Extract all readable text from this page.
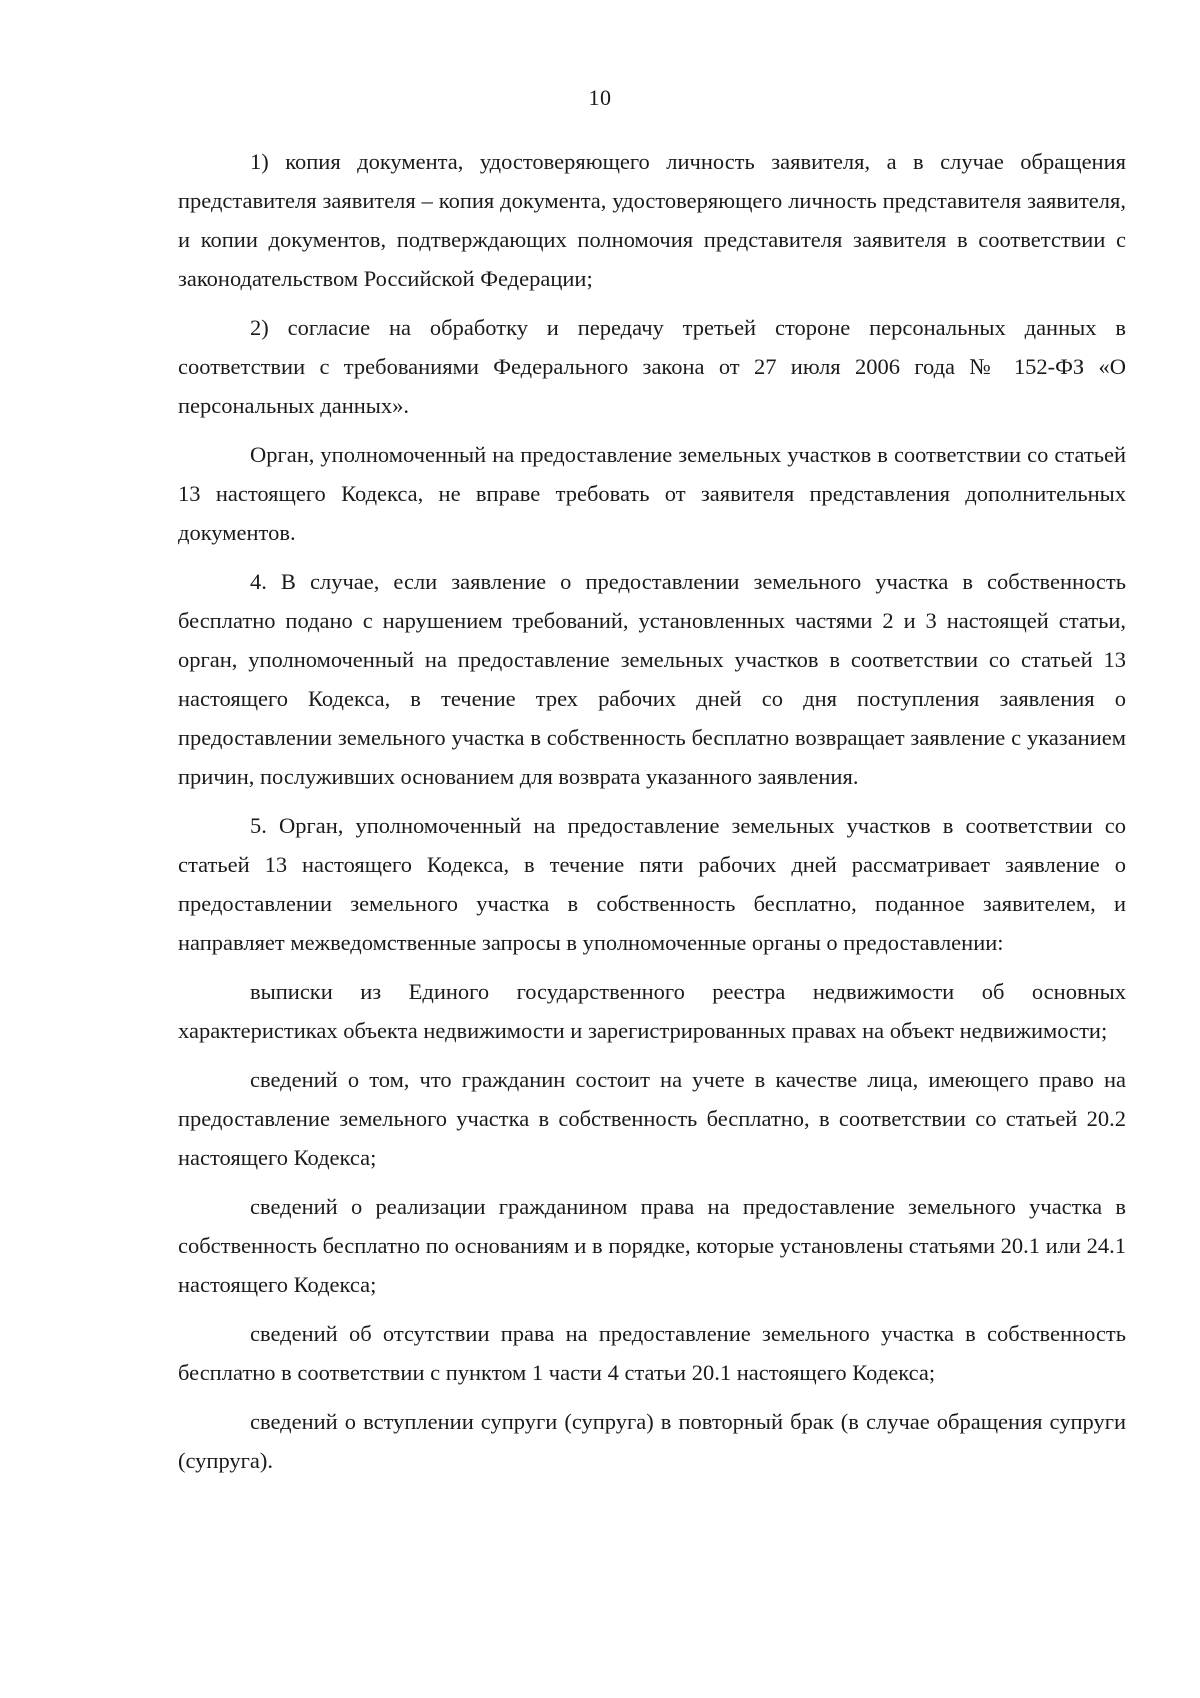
10

1) копия документа, удостоверяющего личность заявителя, а в случае обращения представителя заявителя – копия документа, удостоверяющего личность представителя заявителя, и копии документов, подтверждающих полномочия представителя заявителя в соответствии с законодательством Российской Федерации;

2) согласие на обработку и передачу третьей стороне персональных данных в соответствии с требованиями Федерального закона от 27 июля 2006 года № 152-ФЗ «О персональных данных».

Орган, уполномоченный на предоставление земельных участков в соответствии со статьей 13 настоящего Кодекса, не вправе требовать от заявителя представления дополнительных документов.

4. В случае, если заявление о предоставлении земельного участка в собственность бесплатно подано с нарушением требований, установленных частями 2 и 3 настоящей статьи, орган, уполномоченный на предоставление земельных участков в соответствии со статьей 13 настоящего Кодекса, в течение трех рабочих дней со дня поступления заявления о предоставлении земельного участка в собственность бесплатно возвращает заявление с указанием причин, послуживших основанием для возврата указанного заявления.

5. Орган, уполномоченный на предоставление земельных участков в соответствии со статьей 13 настоящего Кодекса, в течение пяти рабочих дней рассматривает заявление о предоставлении земельного участка в собственность бесплатно, поданное заявителем, и направляет межведомственные запросы в уполномоченные органы о предоставлении:

выписки из Единого государственного реестра недвижимости об основных характеристиках объекта недвижимости и зарегистрированных правах на объект недвижимости;

сведений о том, что гражданин состоит на учете в качестве лица, имеющего право на предоставление земельного участка в собственность бесплатно, в соответствии со статьей 20.2 настоящего Кодекса;

сведений о реализации гражданином права на предоставление земельного участка в собственность бесплатно по основаниям и в порядке, которые установлены статьями 20.1 или 24.1 настоящего Кодекса;

сведений об отсутствии права на предоставление земельного участка в собственность бесплатно в соответствии с пунктом 1 части 4 статьи 20.1 настоящего Кодекса;

сведений о вступлении супруги (супруга) в повторный брак (в случае обращения супруги (супруга).
